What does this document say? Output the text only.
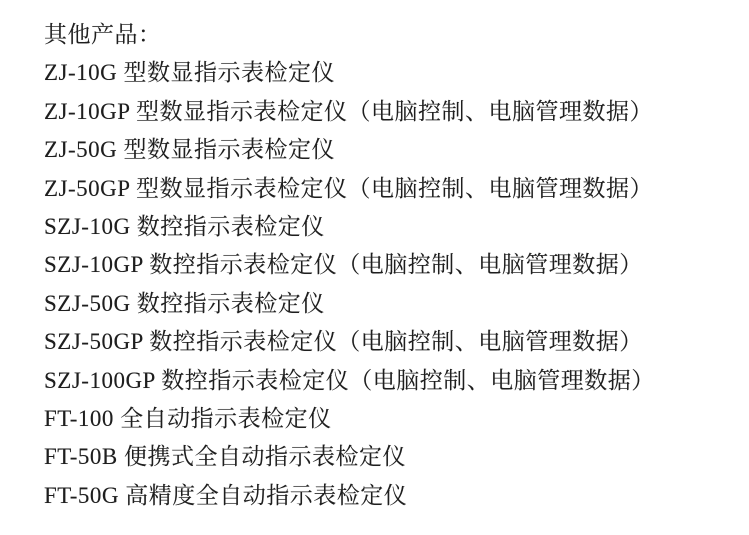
其他产品：
ZJ-10G 型数显指示表检定仪
ZJ-10GP 型数显指示表检定仪（电脑控制、电脑管理数据）
ZJ-50G 型数显指示表检定仪
ZJ-50GP 型数显指示表检定仪（电脑控制、电脑管理数据）
SZJ-10G 数控指示表检定仪
SZJ-10GP 数控指示表检定仪（电脑控制、电脑管理数据）
SZJ-50G 数控指示表检定仪
SZJ-50GP 数控指示表检定仪（电脑控制、电脑管理数据）
SZJ-100GP 数控指示表检定仪（电脑控制、电脑管理数据）
FT-100 全自动指示表检定仪
FT-50B 便携式全自动指示表检定仪
FT-50G 高精度全自动指示表检定仪
